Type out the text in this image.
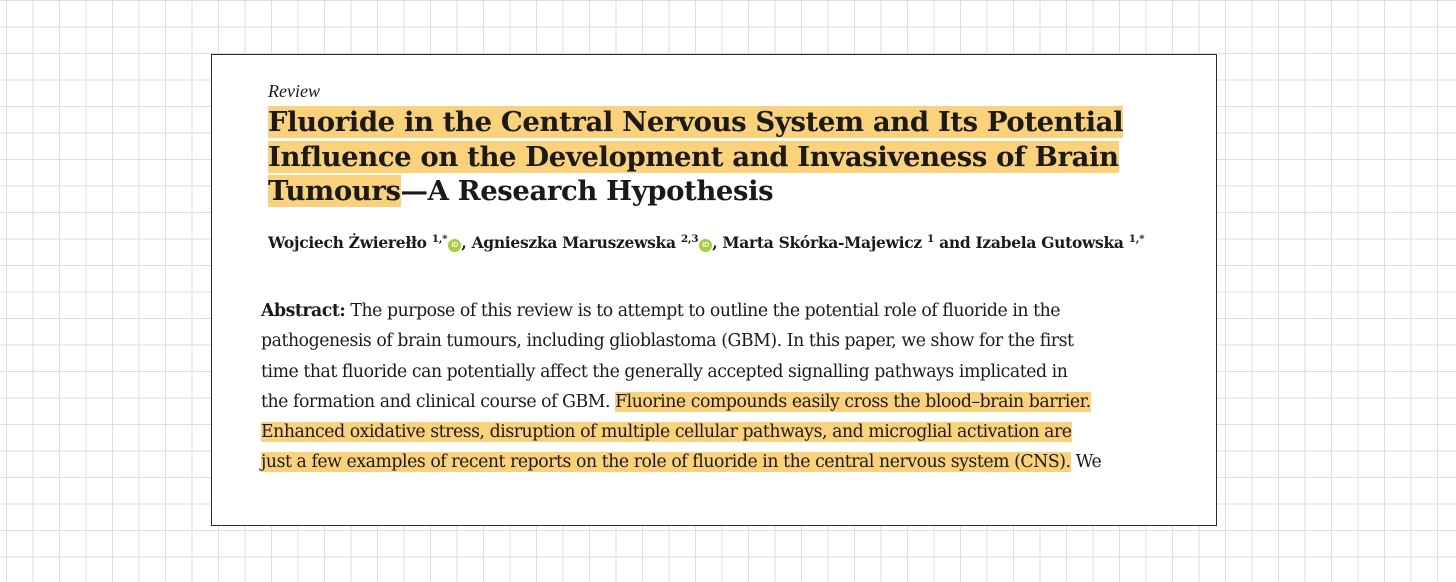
Review
Fluoride in the Central Nervous System and Its Potential
Influence on the Development and Invasiveness of Brain
Tumours—A Research Hypothesis
Wojciech Żwierełło $^{1,*}$iD , Agnieszka Maruszewska $^{2,3}$iD , Marta Skórka-Majewicz $^1$ and Izabela Gutowska $^{1,*}$

Abstract: The purpose of this review is to attempt to outline the potential role of fluoride in the
pathogenesis of brain tumours, including glioblastoma (GBM). In this paper, we show for the first
time that fluoride can potentially affect the generally accepted signalling pathways implicated in
the formation and clinical course of GBM. Fluorine compounds easily cross the blood–brain barrier.
Enhanced oxidative stress, disruption of multiple cellular pathways, and microglial activation are
just a few examples of recent reports on the role of fluoride in the central nervous system (CNS). We
